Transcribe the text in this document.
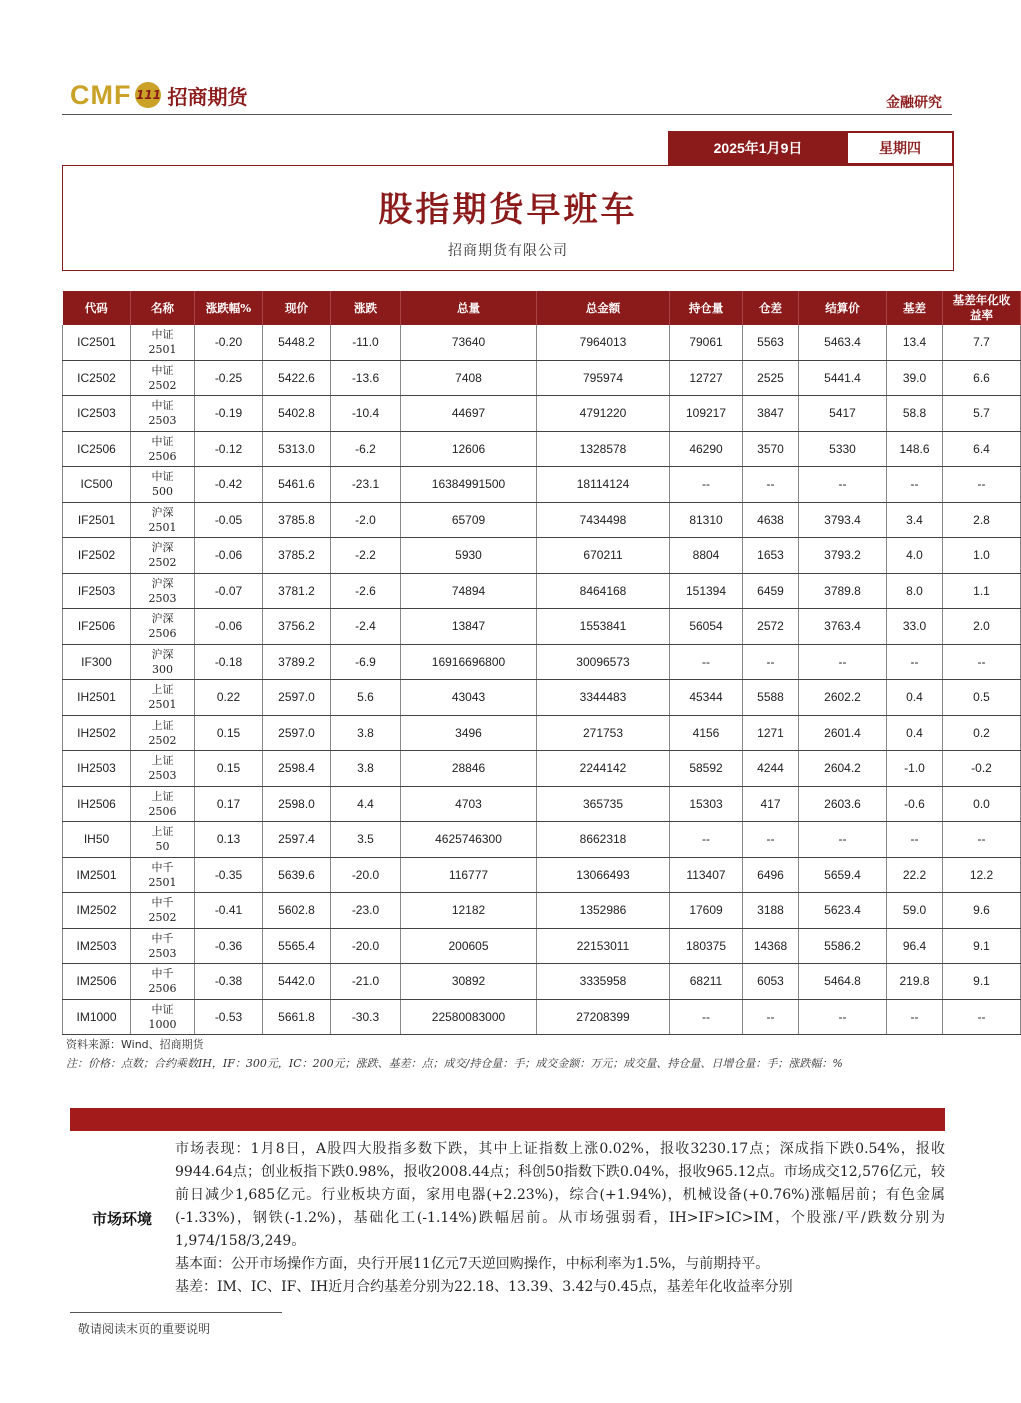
CMF 111 招商期货	金融研究
2025年1月9日	星期四
股指期货早班车
招商期货有限公司
代码	名称	涨跌幅%	现价	涨跌	总量	总金额	持仓量	仓差	结算价	基差	基差年化收益率
IC2501	中证2501	-0.20	5448.2	-11.0	73640	7964013	79061	5563	5463.4	13.4	7.7
IC2502	中证2502	-0.25	5422.6	-13.6	7408	795974	12727	2525	5441.4	39.0	6.6
IC2503	中证2503	-0.19	5402.8	-10.4	44697	4791220	109217	3847	5417	58.8	5.7
IC2506	中证2506	-0.12	5313.0	-6.2	12606	1328578	46290	3570	5330	148.6	6.4
IC500	中证500	-0.42	5461.6	-23.1	16384991500	18114124	--	--	--	--	--
IF2501	沪深2501	-0.05	3785.8	-2.0	65709	7434498	81310	4638	3793.4	3.4	2.8
IF2502	沪深2502	-0.06	3785.2	-2.2	5930	670211	8804	1653	3793.2	4.0	1.0
IF2503	沪深2503	-0.07	3781.2	-2.6	74894	8464168	151394	6459	3789.8	8.0	1.1
IF2506	沪深2506	-0.06	3756.2	-2.4	13847	1553841	56054	2572	3763.4	33.0	2.0
IF300	沪深300	-0.18	3789.2	-6.9	16916696800	30096573	--	--	--	--	--
IH2501	上证2501	0.22	2597.0	5.6	43043	3344483	45344	5588	2602.2	0.4	0.5
IH2502	上证2502	0.15	2597.0	3.8	3496	271753	4156	1271	2601.4	0.4	0.2
IH2503	上证2503	0.15	2598.4	3.8	28846	2244142	58592	4244	2604.2	-1.0	-0.2
IH2506	上证2506	0.17	2598.0	4.4	4703	365735	15303	417	2603.6	-0.6	0.0
IH50	上证50	0.13	2597.4	3.5	4625746300	8662318	--	--	--	--	--
IM2501	中千2501	-0.35	5639.6	-20.0	116777	13066493	113407	6496	5659.4	22.2	12.2
IM2502	中千2502	-0.41	5602.8	-23.0	12182	1352986	17609	3188	5623.4	59.0	9.6
IM2503	中千2503	-0.36	5565.4	-20.0	200605	22153011	180375	14368	5586.2	96.4	9.1
IM2506	中千2506	-0.38	5442.0	-21.0	30892	3335958	68211	6053	5464.8	219.8	9.1
IM1000	中证1000	-0.53	5661.8	-30.3	22580083000	27208399	--	--	--	--	--
资料来源：Wind、招商期货
注：价格：点数；合约乘数IH，IF：300元，IC：200元；涨跌、基差：点；成交/持仓量：手；成交金额：万元；成交量、持仓量、日增仓量：手；涨跌幅：%
市场环境

市场表现：1月8日，A股四大股指多数下跌，其中上证指数上涨0.02%，报收3230.17点；深成指下跌0.54%，报收9944.64点；创业板指下跌0.98%，报收2008.44点；科创50指数下跌0.04%，报收965.12点。市场成交12,576亿元，较前日减少1,685亿元。行业板块方面，家用电器(+2.23%)，综合(+1.94%)，机械设备(+0.76%)涨幅居前；有色金属(-1.33%)，钢铁(-1.2%)，基础化工(-1.14%)跌幅居前。从市场强弱看，IH>IF>IC>IM，个股涨/平/跌数分别为1,974/158/3,249。

基本面：公开市场操作方面，央行开展11亿元7天逆回购操作，中标利率为1.5%，与前期持平。

基差：IM、IC、IF、IH近月合约基差分别为22.18、13.39、3.42与0.45点，基差年化收益率分别

敬请阅读末页的重要说明
